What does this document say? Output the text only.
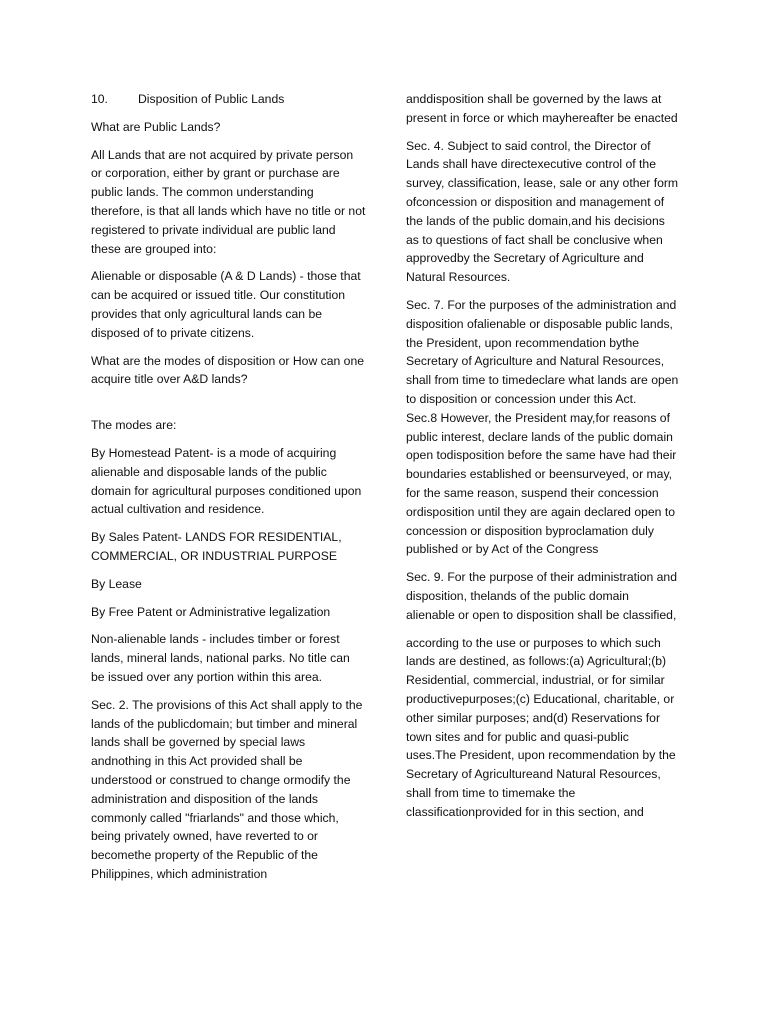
10. Disposition of Public Lands

What are Public Lands?

All Lands that are not acquired by private person or corporation, either by grant or purchase are public lands. The common understanding therefore, is that all lands which have no title or not registered to private individual are public land these are grouped into:

Alienable or disposable (A & D Lands) - those that can be acquired or issued title. Our constitution provides that only agricultural lands can be disposed of to private citizens.

What are the modes of disposition or How can one acquire title over A&D lands?

The modes are:

By Homestead Patent- is a mode of acquiring alienable and disposable lands of the public domain for agricultural purposes conditioned upon actual cultivation and residence.

By Sales Patent- LANDS FOR RESIDENTIAL, COMMERCIAL, OR INDUSTRIAL PURPOSE

By Lease

By Free Patent or Administrative legalization

Non-alienable lands - includes timber or forest lands, mineral lands, national parks. No title can be issued over any portion within this area.

Sec. 2. The provisions of this Act shall apply to the lands of the publicdomain; but timber and mineral lands shall be governed by special laws andnothing in this Act provided shall be understood or construed to change ormodify the administration and disposition of the lands commonly called "friarlands" and those which, being privately owned, have reverted to or becomethe property of the Republic of the Philippines, which administration

anddisposition shall be governed by the laws at present in force or which mayhereafter be enacted

Sec. 4. Subject to said control, the Director of Lands shall have directexecutive control of the survey, classification, lease, sale or any other form ofconcession or disposition and management of the lands of the public domain,and his decisions as to questions of fact shall be conclusive when approvedby the Secretary of Agriculture and Natural Resources.

Sec. 7. For the purposes of the administration and disposition ofalienable or disposable public lands, the President, upon recommendation bythe Secretary of Agriculture and Natural Resources, shall from time to timedeclare what lands are open to disposition or concession under this Act.

Sec.8 However, the President may,for reasons of public interest, declare lands of the public domain open todisposition before the same have had their boundaries established or beensurveyed, or may, for the same reason, suspend their concession ordisposition until they are again declared open to concession or disposition byproclamation duly published or by Act of the Congress

Sec. 9. For the purpose of their administration and disposition, thelands of the public domain alienable or open to disposition shall be classified,

according to the use or purposes to which such lands are destined, as follows:(a) Agricultural;(b) Residential, commercial, industrial, or for similar productivepurposes;(c) Educational, charitable, or other similar purposes; and(d) Reservations for town sites and for public and quasi-public uses.The President, upon recommendation by the Secretary of Agricultureand Natural Resources, shall from time to timemake the classificationprovided for in this section, and
